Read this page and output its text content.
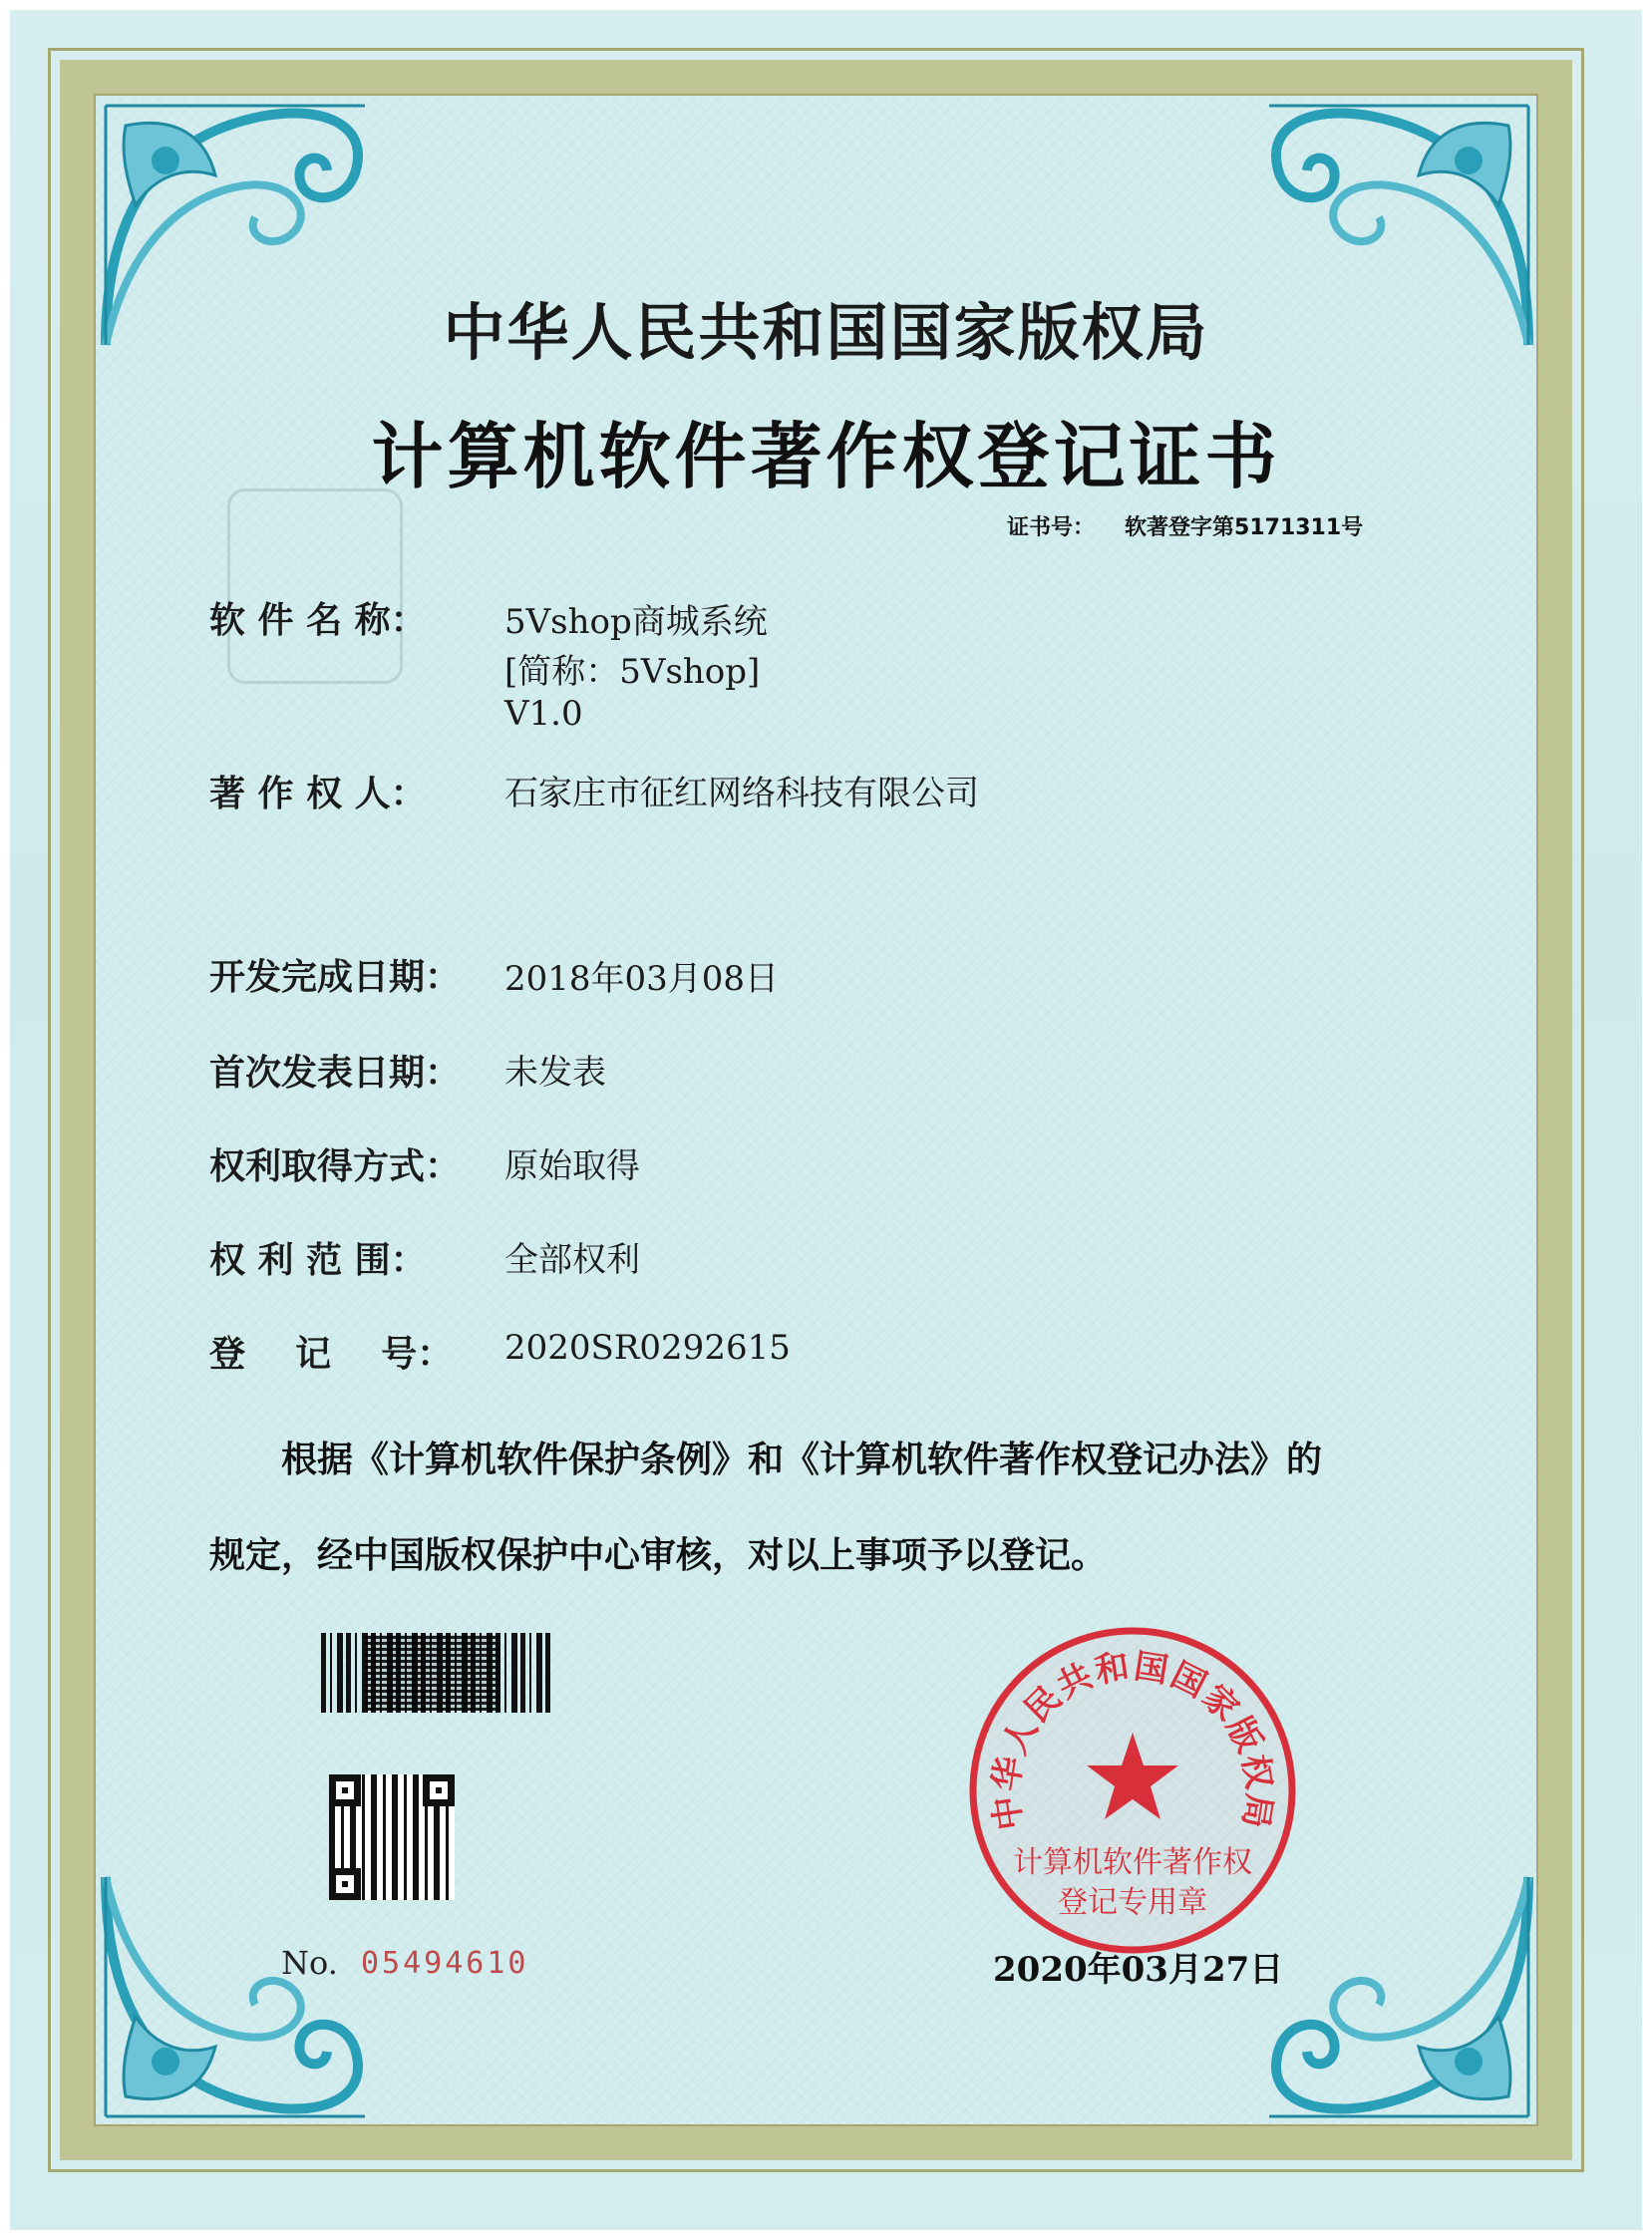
中华人民共和国国家版权局
计算机软件著作权登记证书
证书号： 软著登字第5171311号
软 件 名 称： 5Vshop商城系统
[简称：5Vshop]
V1.0
著 作 权 人： 石家庄市征红网络科技有限公司
开发完成日期： 2018年03月08日
首次发表日期： 未发表
权利取得方式： 原始取得
权 利 范 围： 全部权利
登    记    号： 2020SR0292615
根据《计算机软件保护条例》和《计算机软件著作权登记办法》的
规定，经中国版权保护中心审核，对以上事项予以登记。
No. 05494610
中华人民共和国国家版权局
计算机软件著作权
登记专用章
2020年03月27日
